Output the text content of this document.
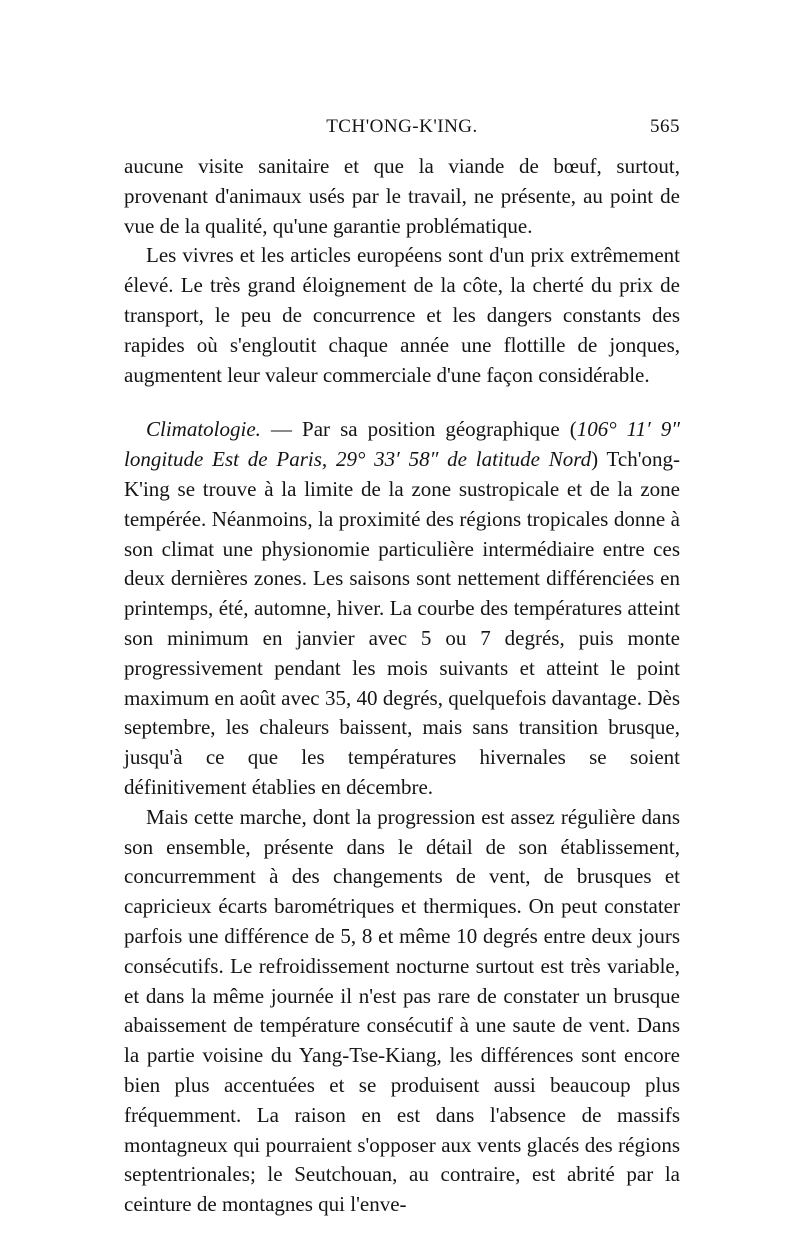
TCH'ONG-K'ING.	565

aucune visite sanitaire et que la viande de bœuf, surtout, provenant d'animaux usés par le travail, ne présente, au point de vue de la qualité, qu'une garantie problématique.

Les vivres et les articles européens sont d'un prix extrêmement élevé. Le très grand éloignement de la côte, la cherté du prix de transport, le peu de concurrence et les dangers constants des rapides où s'engloutit chaque année une flottille de jonques, augmentent leur valeur commerciale d'une façon considérable.

Climatologie. — Par sa position géographique (106° 11′ 9″ longitude Est de Paris, 29° 33′ 58″ de latitude Nord) Tch'ong-K'ing se trouve à la limite de la zone sustropicale et de la zone tempérée. Néanmoins, la proximité des régions tropicales donne à son climat une physionomie particulière intermédiaire entre ces deux dernières zones. Les saisons sont nettement différenciées en printemps, été, automne, hiver. La courbe des températures atteint son minimum en janvier avec 5 ou 7 degrés, puis monte progressivement pendant les mois suivants et atteint le point maximum en août avec 35, 40 degrés, quelquefois davantage. Dès septembre, les chaleurs baissent, mais sans transition brusque, jusqu'à ce que les températures hivernales se soient définitivement établies en décembre.

Mais cette marche, dont la progression est assez régulière dans son ensemble, présente dans le détail de son établissement, concurremment à des changements de vent, de brusques et capricieux écarts barométriques et thermiques. On peut constater parfois une différence de 5, 8 et même 10 degrés entre deux jours consécutifs. Le refroidissement nocturne surtout est très variable, et dans la même journée il n'est pas rare de constater un brusque abaissement de température consécutif à une saute de vent. Dans la partie voisine du Yang-Tse-Kiang, les différences sont encore bien plus accentuées et se produisent aussi beaucoup plus fréquemment. La raison en est dans l'absence de massifs montagneux qui pourraient s'opposer aux vents glacés des régions septentrionales; le Seutchouan, au contraire, est abrité par la ceinture de montagnes qui l'enve-
